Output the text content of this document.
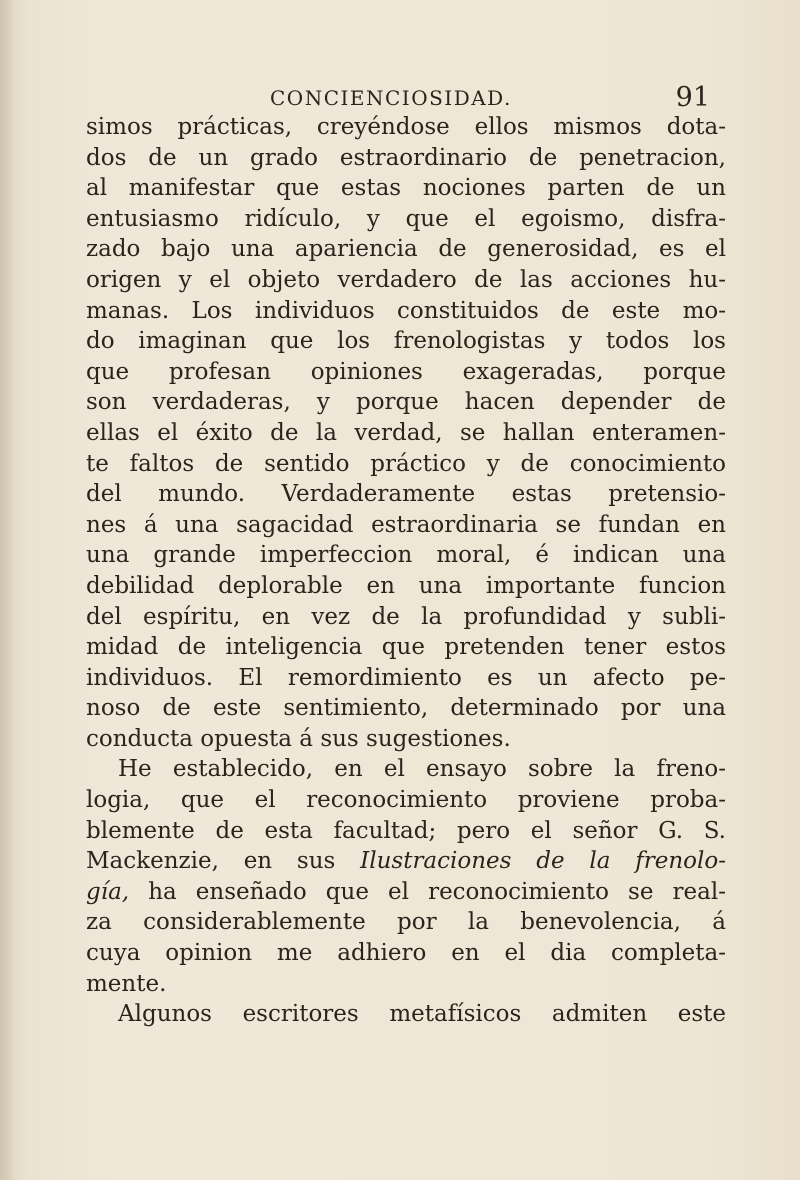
CONCIENCIOSIDAD.	91
simos prácticas, creyéndose ellos mismos dota-
dos de un grado estraordinario de penetracion,
al manifestar que estas nociones parten de un
entusiasmo ridículo, y que el egoismo, disfra-
zado bajo una apariencia de generosidad, es el
origen y el objeto verdadero de las acciones hu-
manas. Los individuos constituidos de este mo-
do imaginan que los frenologistas y todos los
que profesan opiniones exageradas, porque
son verdaderas, y porque hacen depender de
ellas el éxito de la verdad, se hallan enteramen-
te faltos de sentido práctico y de conocimiento
del mundo. Verdaderamente estas pretensio-
nes á una sagacidad estraordinaria se fundan en
una grande imperfeccion moral, é indican una
debilidad deplorable en una importante funcion
del espíritu, en vez de la profundidad y subli-
midad de inteligencia que pretenden tener estos
individuos. El remordimiento es un afecto pe-
noso de este sentimiento, determinado por una
conducta opuesta á sus sugestiones.
He establecido, en el ensayo sobre la freno-
logia, que el reconocimiento proviene proba-
blemente de esta facultad; pero el señor G. S.
Mackenzie, en sus Ilustraciones de la frenolo-
gía, ha enseñado que el reconocimiento se real-
za considerablemente por la benevolencia, á
cuya opinion me adhiero en el dia completa-
mente.
Algunos escritores metafísicos admiten este
